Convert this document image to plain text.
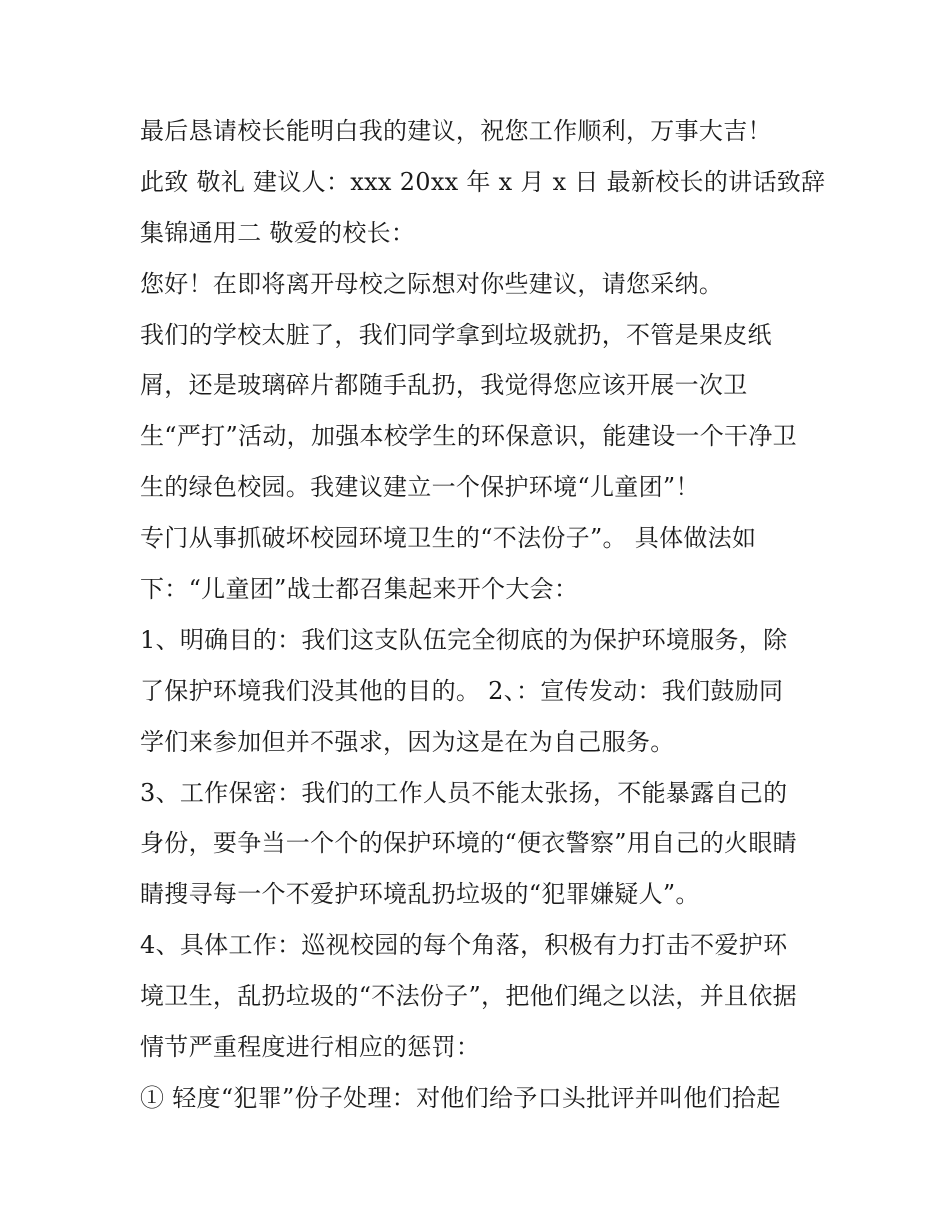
最后恳请校长能明白我的建议，祝您工作顺利，万事大吉！
此致 敬礼 建议人：xxx 20xx 年 x 月 x 日 最新校长的讲话致辞
集锦通用二 敬爱的校长：
您好！在即将离开母校之际想对你些建议，请您采纳。
我们的学校太脏了，我们同学拿到垃圾就扔，不管是果皮纸
屑，还是玻璃碎片都随手乱扔，我觉得您应该开展一次卫
生“严打”活动，加强本校学生的环保意识，能建设一个干净卫
生的绿色校园。我建议建立一个保护环境“儿童团”！
专门从事抓破坏校园环境卫生的“不法份子”。 具体做法如
下：“儿童团”战士都召集起来开个大会：
1、明确目的：我们这支队伍完全彻底的为保护环境服务，除
了保护环境我们没其他的目的。 2、：宣传发动：我们鼓励同
学们来参加但并不强求，因为这是在为自己服务。
3、工作保密：我们的工作人员不能太张扬，不能暴露自己的
身份，要争当一个个的保护环境的“便衣警察”用自己的火眼睛
睛搜寻每一个不爱护环境乱扔垃圾的“犯罪嫌疑人”。
4、具体工作：巡视校园的每个角落，积极有力打击不爱护环
境卫生，乱扔垃圾的“不法份子”，把他们绳之以法，并且依据
情节严重程度进行相应的惩罚：
① 轻度“犯罪”份子处理：对他们给予口头批评并叫他们拾起
